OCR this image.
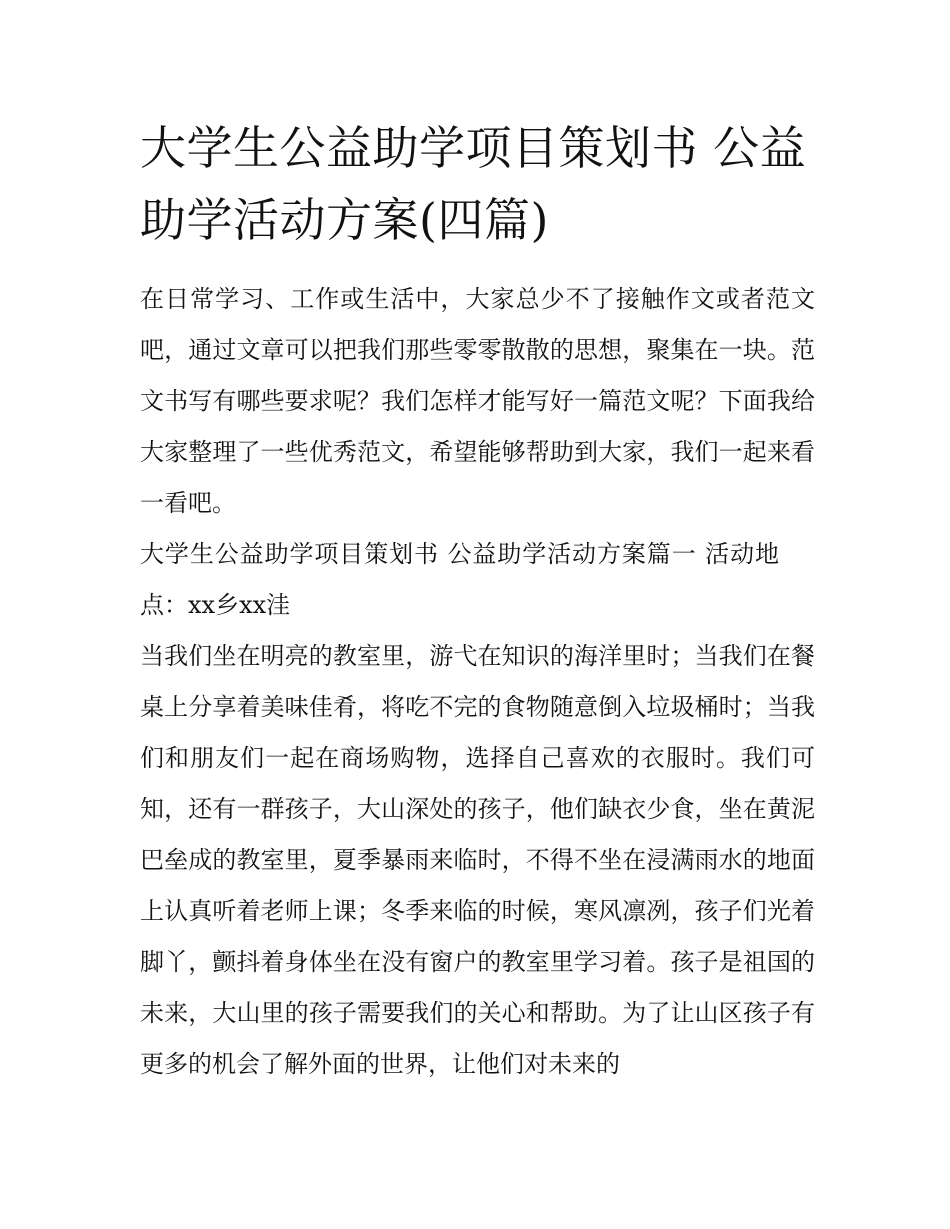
大学生公益助学项目策划书 公益助学活动方案(四篇)

在日常学习、工作或生活中，大家总少不了接触作文或者范文吧，通过文章可以把我们那些零零散散的思想，聚集在一块。范文书写有哪些要求呢？我们怎样才能写好一篇范文呢？下面我给大家整理了一些优秀范文，希望能够帮助到大家，我们一起来看一看吧。

大学生公益助学项目策划书 公益助学活动方案篇一 活动地点：xx乡xx洼

当我们坐在明亮的教室里，游弋在知识的海洋里时；当我们在餐桌上分享着美味佳肴，将吃不完的食物随意倒入垃圾桶时；当我们和朋友们一起在商场购物，选择自己喜欢的衣服时。我们可知，还有一群孩子，大山深处的孩子，他们缺衣少食，坐在黄泥巴垒成的教室里，夏季暴雨来临时，不得不坐在浸满雨水的地面上认真听着老师上课；冬季来临的时候，寒风凛冽，孩子们光着脚丫，颤抖着身体坐在没有窗户的教室里学习着。孩子是祖国的未来，大山里的孩子需要我们的关心和帮助。为了让山区孩子有更多的机会了解外面的世界，让他们对未来的
